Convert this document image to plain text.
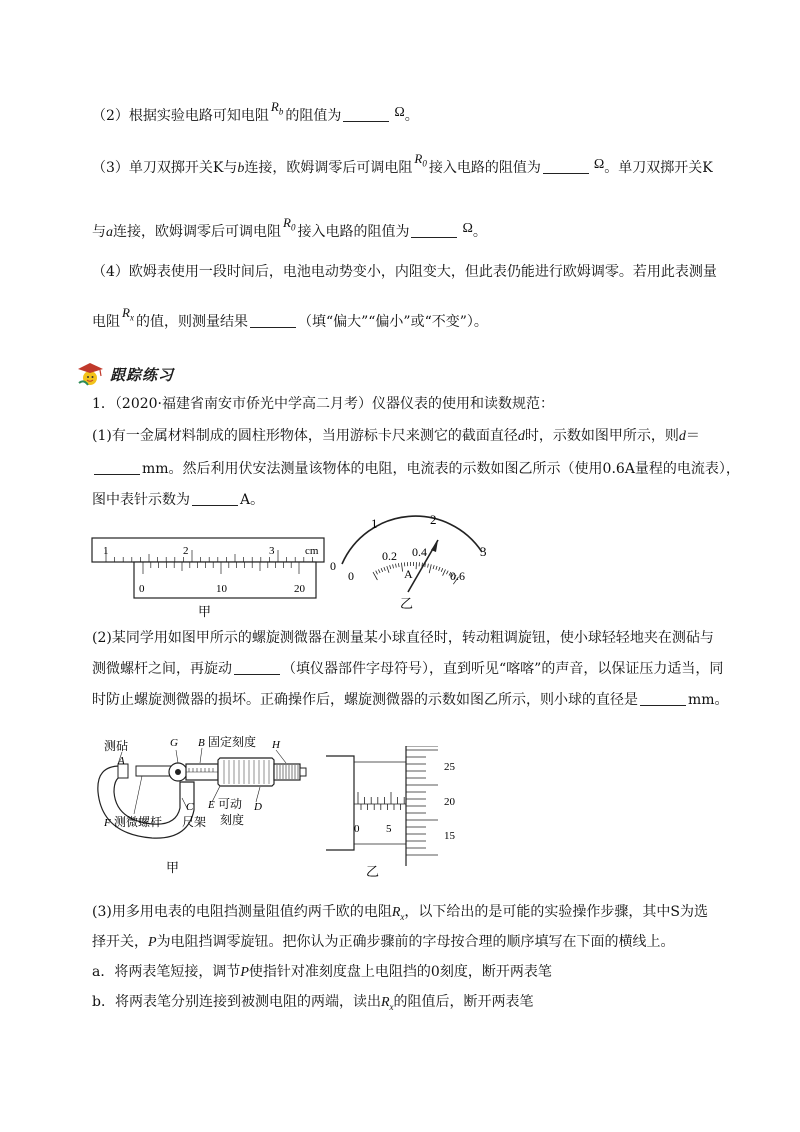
（2）根据实验电路可知电阻$R_b$ 的阻值为	Ω。
（3）单刀双掷开关K与b连接，欧姆调零后可调电阻$R_0$ 接入电路的阻值为	Ω。单刀双掷开关K
与a连接，欧姆调零后可调电阻$R_0$ 接入电路的阻值为	Ω。
（4）欧姆表使用一段时间后，电池电动势变小，内阻变大，但此表仍能进行欧姆调零。若用此表测量
电阻$R_x$ 的值，则测量结果	（填“偏大”“偏小”或“不变”）。
跟踪练习
1．（2020·福建省南安市侨光中学高二月考）仪器仪表的使用和读数规范：
(1)有一金属材料制成的圆柱形物体，当用游标卡尺来测它的截面直径d时，示数如图甲所示，则d＝
mm。然后利用伏安法测量该物体的电阻，电流表的示数如图乙所示（使用0.6A量程的电流表），
图中表针示数为	A。
1	2	3	cm
0	10	20
甲
0
1	2
3
0
0.2 0.4
0.6
A
乙
(2)某同学用如图甲所示的螺旋测微器在测量某小球直径时，转动粗调旋钮，使小球轻轻地夹在测砧与
测微螺杆之间，再旋动	（填仪器部件字母符号），直到听见“喀喀”的声音，以保证压力适当，同
时防止螺旋测微器的损坏。正确操作后，螺旋测微器的示数如图乙所示，则小球的直径是	mm。
测砧
A
G B 固定刻度 H
E 可动
刻度
D
C
尺架
F 测微螺杆
甲
25
20
15
0 5
乙
(3)用多用电表的电阻挡测量阻值约两千欧的电阻$R_x$，以下给出的是可能的实验操作步骤，其中S为选
择开关，P为电阻挡调零旋钮。把你认为正确步骤前的字母按合理的顺序填写在下面的横线上。
a．将两表笔短接，调节P使指针对准刻度盘上电阻挡的0刻度，断开两表笔
b．将两表笔分别连接到被测电阻的两端，读出$R_x$的阻值后，断开两表笔
